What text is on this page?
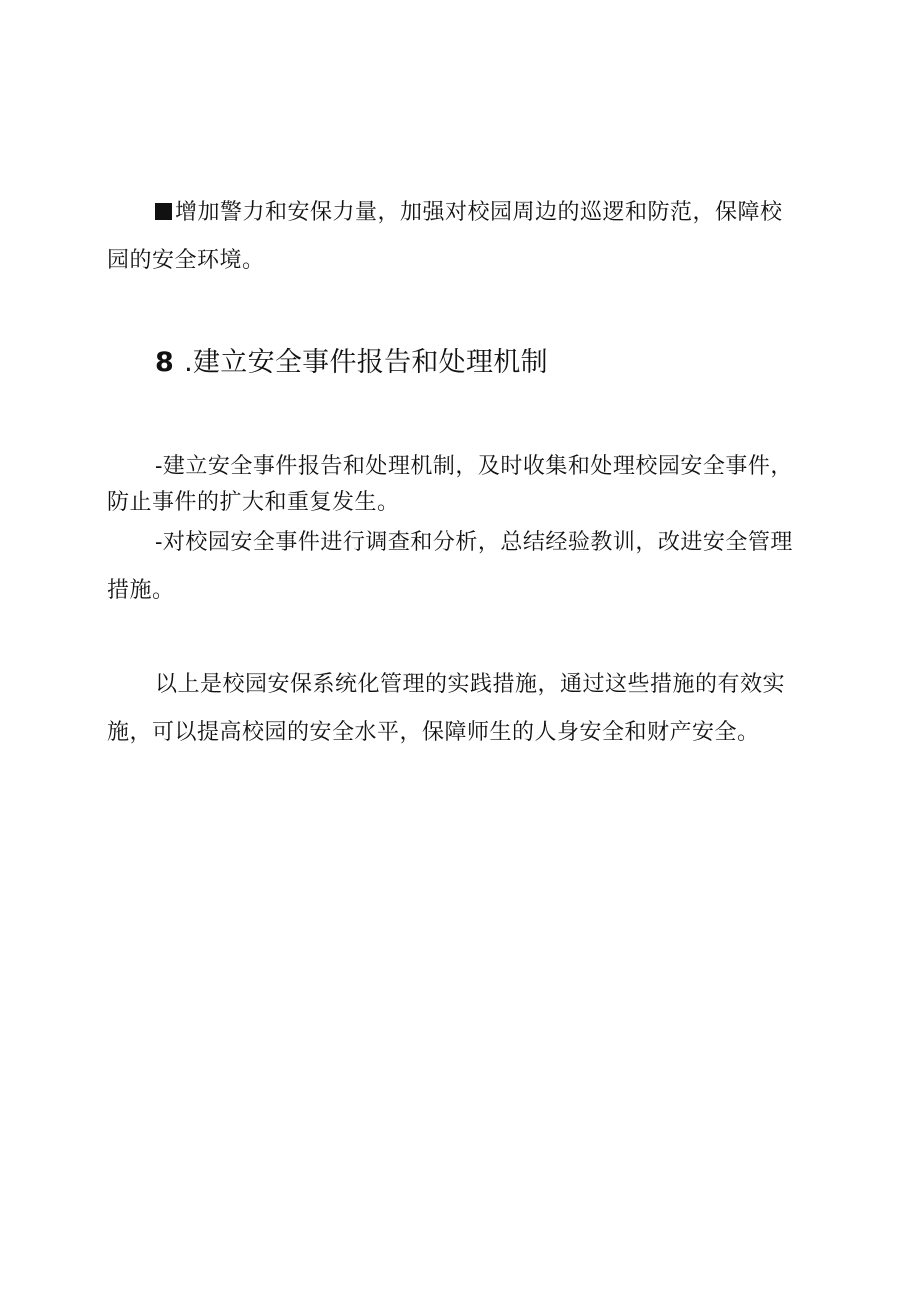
增加警力和安保力量，加强对校园周边的巡逻和防范，保障校
园的安全环境。

8 .建立安全事件报告和处理机制

-建立安全事件报告和处理机制，及时收集和处理校园安全事件，
防止事件的扩大和重复发生。

-对校园安全事件进行调查和分析，总结经验教训，改进安全管理
措施。

以上是校园安保系统化管理的实践措施，通过这些措施的有效实
施，可以提高校园的安全水平，保障师生的人身安全和财产安全。
